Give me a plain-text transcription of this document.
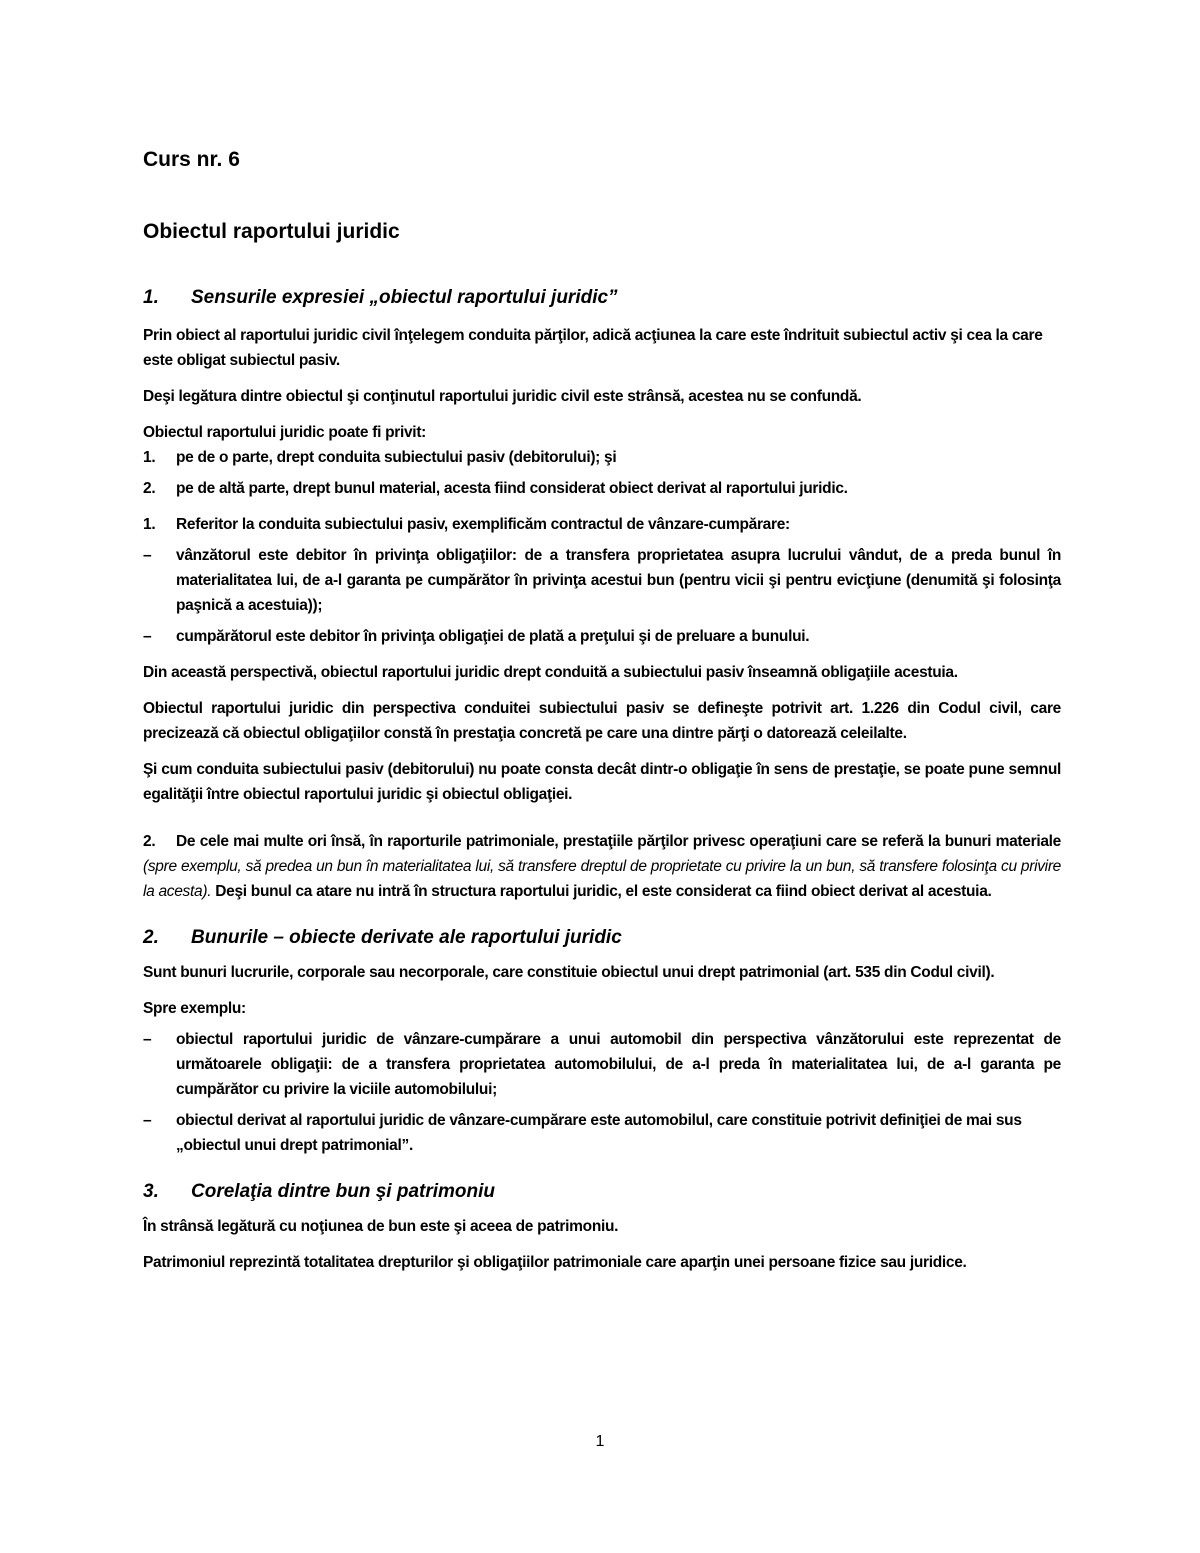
Curs nr. 6
Obiectul raportului juridic
1.	Sensurile expresiei „obiectul raportului juridic”

Prin obiect al raportului juridic civil înţelegem conduita părţilor, adică acţiunea la care este îndrituit subiectul activ şi cea la care este obligat subiectul pasiv.

Deşi legătura dintre obiectul şi conţinutul raportului juridic civil este strânsă, acestea nu se confundă.

Obiectul raportului juridic poate fi privit:

1.	pe de o parte, drept conduita subiectului pasiv (debitorului); şi
2.	pe de altă parte, drept bunul material, acesta fiind considerat obiect derivat al raportului juridic.
1.	Referitor la conduita subiectului pasiv, exemplificăm contractul de vânzare-cumpărare:
–	vânzătorul este debitor în privinţa obligaţiilor: de a transfera proprietatea asupra lucrului vândut, de a preda bunul în materialitatea lui, de a-l garanta pe cumpărător în privinţa acestui bun (pentru vicii şi pentru evicţiune (denumită şi folosinţa paşnică a acestuia));
–	cumpărătorul este debitor în privinţa obligaţiei de plată a preţului şi de preluare a bunului.

Din această perspectivă, obiectul raportului juridic drept conduită a subiectului pasiv înseamnă obligaţiile acestuia.

Obiectul raportului juridic din perspectiva conduitei subiectului pasiv se defineşte potrivit art. 1.226 din Codul civil, care precizează că obiectul obligaţiilor constă în prestaţia concretă pe care una dintre părţi o datorează celeilalte.

Şi cum conduita subiectului pasiv (debitorului) nu poate consta decât dintr-o obligaţie în sens de prestaţie, se poate pune semnul egalităţii între obiectul raportului juridic şi obiectul obligaţiei.

2. De cele mai multe ori însă, în raporturile patrimoniale, prestaţiile părţilor privesc operaţiuni care se referă la bunuri materiale (spre exemplu, să predea un bun în materialitatea lui, să transfere dreptul de proprietate cu privire la un bun, să transfere folosinţa cu privire la acesta). Deşi bunul ca atare nu intră în structura raportului juridic, el este considerat ca fiind obiect derivat al acestuia.

2.	Bunurile – obiecte derivate ale raportului juridic

Sunt bunuri lucrurile, corporale sau necorporale, care constituie obiectul unui drept patrimonial (art. 535 din Codul civil).

Spre exemplu:

–	obiectul raportului juridic de vânzare-cumpărare a unui automobil din perspectiva vânzătorului este reprezentat de următoarele obligaţii: de a transfera proprietatea automobilului, de a-l preda în materialitatea lui, de a-l garanta pe cumpărător cu privire la viciile automobilului;
–	obiectul derivat al raportului juridic de vânzare-cumpărare este automobilul, care constituie potrivit definiţiei de mai sus „obiectul unui drept patrimonial”.
3.	Corelaţia dintre bun şi patrimoniu

În strânsă legătură cu noţiunea de bun este şi aceea de patrimoniu.

Patrimoniul reprezintă totalitatea drepturilor şi obligaţiilor patrimoniale care aparţin unei persoane fizice sau juridice.

1
